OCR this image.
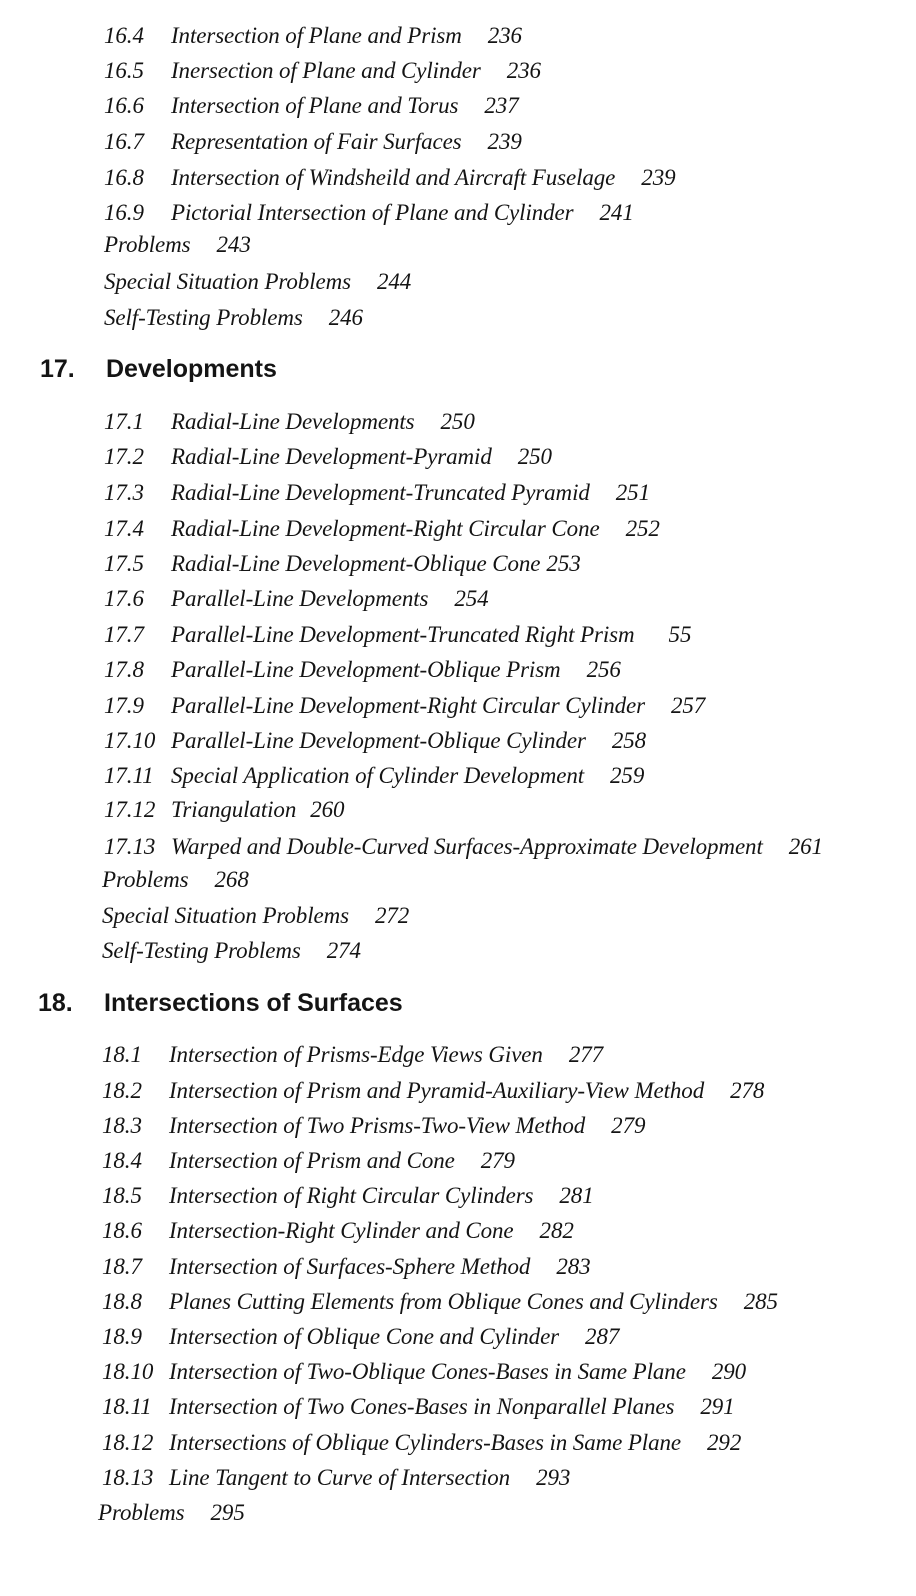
16.4 Intersection of Plane and Prism 236
16.5 Inersection of Plane and Cylinder 236
16.6 Intersection of Plane and Torus 237
16.7 Representation of Fair Surfaces 239
16.8 Intersection of Windsheild and Aircraft Fuselage 239
16.9 Pictorial Intersection of Plane and Cylinder 241
Problems 243
Special Situation Problems 244
Self-Testing Problems 246
17. Developments
17.1 Radial-Line Developments 250
17.2 Radial-Line Development-Pyramid 250
17.3 Radial-Line Development-Truncated Pyramid 251
17.4 Radial-Line Development-Right Circular Cone 252
17.5 Radial-Line Development-Oblique Cone 253
17.6 Parallel-Line Developments 254
17.7 Parallel-Line Development-Truncated Right Prism 55
17.8 Parallel-Line Development-Oblique Prism 256
17.9 Parallel-Line Development-Right Circular Cylinder 257
17.10 Parallel-Line Development-Oblique Cylinder 258
17.11 Special Application of Cylinder Development 259
17.12 Triangulation 260
17.13 Warped and Double-Curved Surfaces-Approximate Development 261
Problems 268
Special Situation Problems 272
Self-Testing Problems 274
18. Intersections of Surfaces
18.1 Intersection of Prisms-Edge Views Given 277
18.2 Intersection of Prism and Pyramid-Auxiliary-View Method 278
18.3 Intersection of Two Prisms-Two-View Method 279
18.4 Intersection of Prism and Cone 279
18.5 Intersection of Right Circular Cylinders 281
18.6 Intersection-Right Cylinder and Cone 282
18.7 Intersection of Surfaces-Sphere Method 283
18.8 Planes Cutting Elements from Oblique Cones and Cylinders 285
18.9 Intersection of Oblique Cone and Cylinder 287
18.10 Intersection of Two-Oblique Cones-Bases in Same Plane 290
18.11 Intersection of Two Cones-Bases in Nonparallel Planes 291
18.12 Intersections of Oblique Cylinders-Bases in Same Plane 292
18.13 Line Tangent to Curve of Intersection 293
Problems 295
